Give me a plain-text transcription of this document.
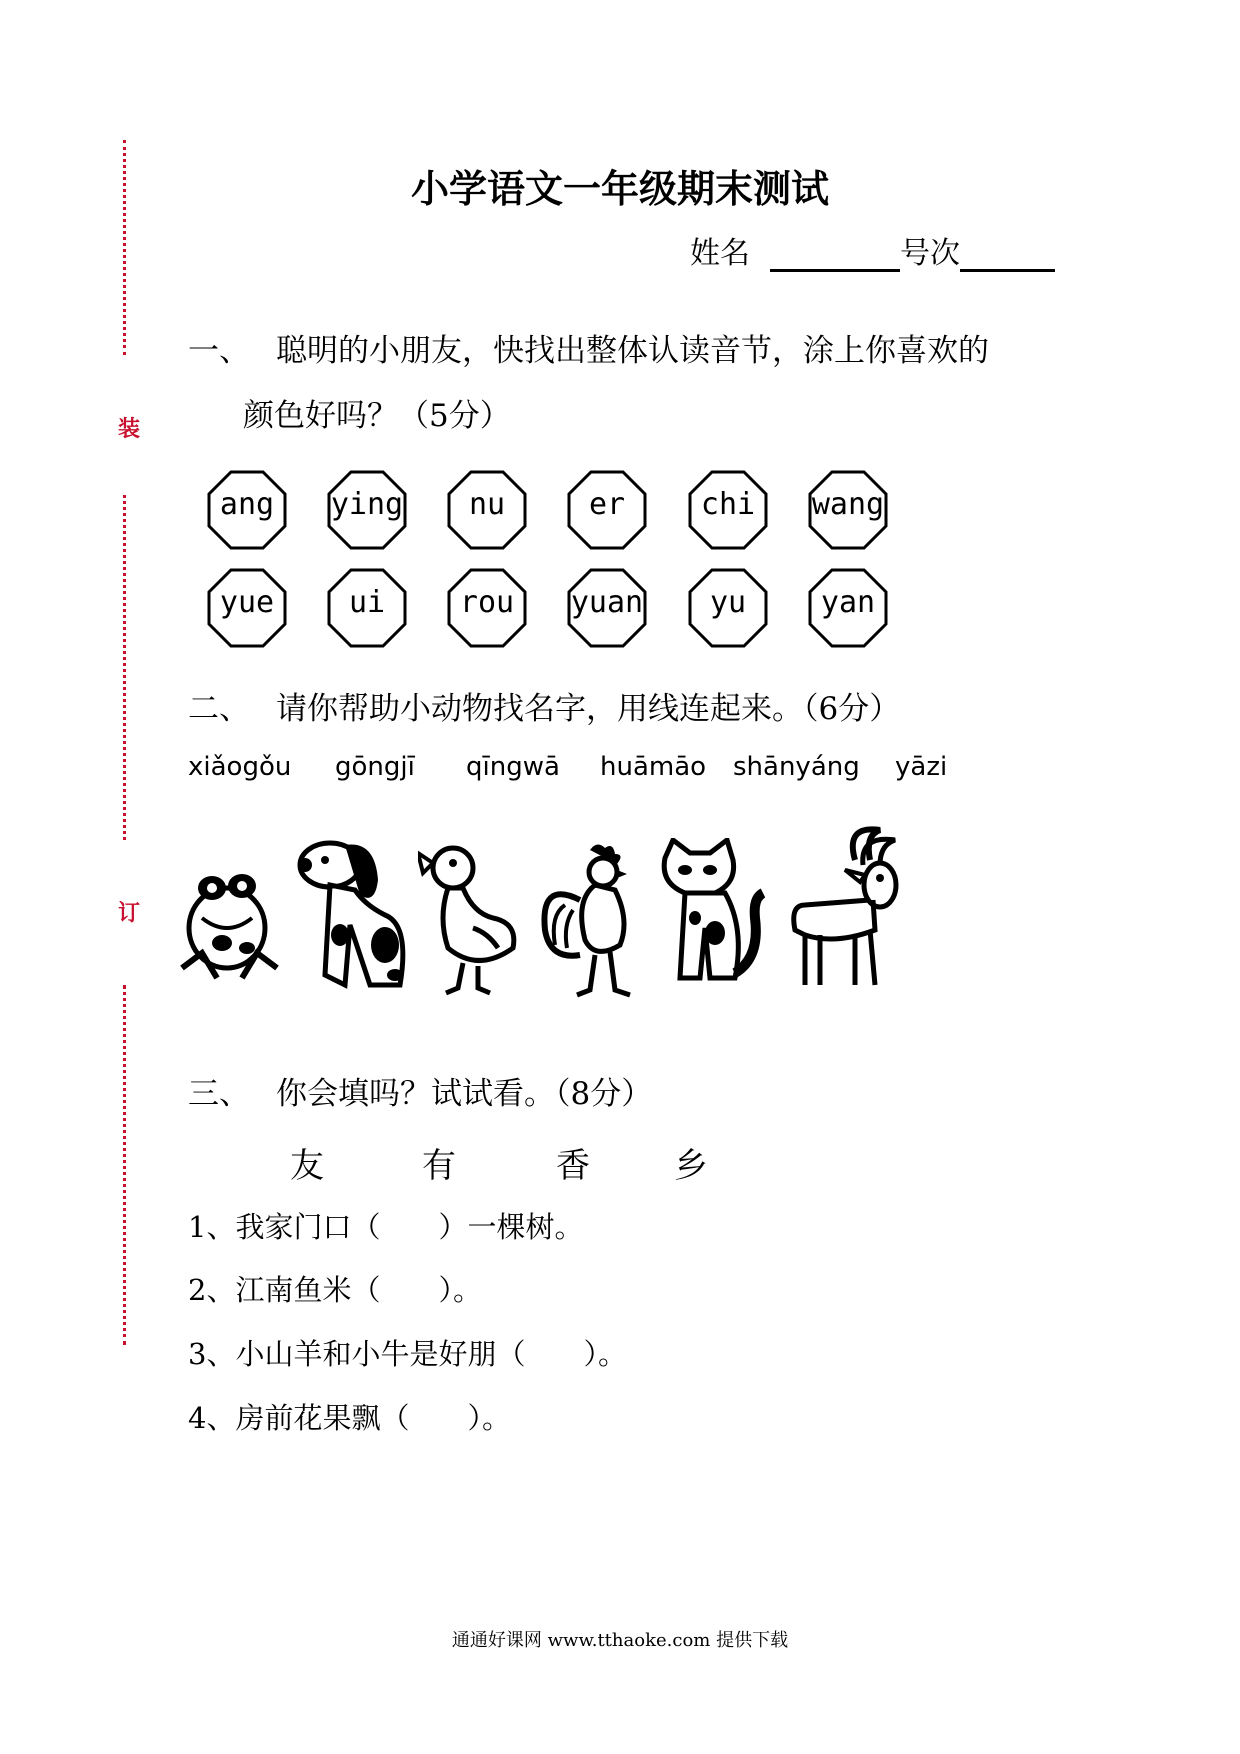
装
订
小学语文一年级期末测试
姓名	号次
一、 聪明的小朋友，快找出整体认读音节，涂上你喜欢的
颜色好吗？（5分）
ang	ying	nu	er	chi	wang
yue	ui	rou	yuan	yu	yan
二、 请你帮助小动物找名字，用线连起来。（6分）
xiǎogǒu gōngjī qīngwā huāmāo shānyáng yāzi
三、 你会填吗？试试看。（8分）
友	有	香 乡
1、我家门口（　　）一棵树。
2、江南鱼米（　　）。
3、小山羊和小牛是好朋（　　）。
4、房前花果飘（　　）。
通通好课网 www.tthaoke.com 提供下载
